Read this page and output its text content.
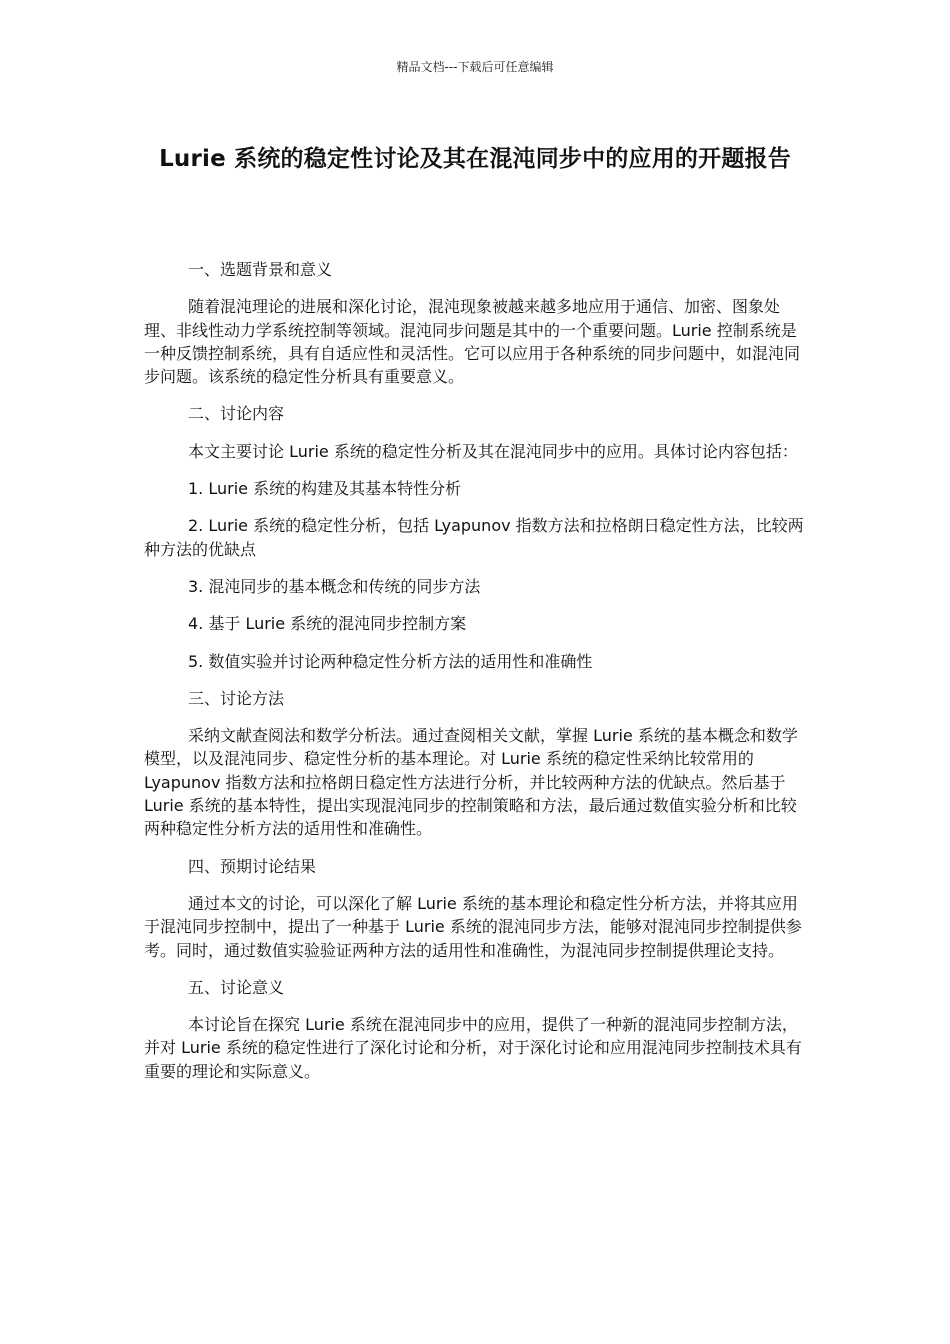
精品文档---下载后可任意编辑
Lurie 系统的稳定性讨论及其在混沌同步中的应用的开题报告

一、选题背景和意义

随着混沌理论的进展和深化讨论，混沌现象被越来越多地应用于通信、加密、图象处理、非线性动力学系统控制等领域。混沌同步问题是其中的一个重要问题。Lurie 控制系统是一种反馈控制系统，具有自适应性和灵活性。它可以应用于各种系统的同步问题中，如混沌同步问题。该系统的稳定性分析具有重要意义。

二、讨论内容

本文主要讨论 Lurie 系统的稳定性分析及其在混沌同步中的应用。具体讨论内容包括：

1. Lurie 系统的构建及其基本特性分析

2. Lurie 系统的稳定性分析，包括 Lyapunov 指数方法和拉格朗日稳定性方法，比较两种方法的优缺点

3. 混沌同步的基本概念和传统的同步方法

4. 基于 Lurie 系统的混沌同步控制方案

5. 数值实验并讨论两种稳定性分析方法的适用性和准确性

三、讨论方法

采纳文献查阅法和数学分析法。通过查阅相关文献，掌握 Lurie 系统的基本概念和数学模型，以及混沌同步、稳定性分析的基本理论。对 Lurie 系统的稳定性采纳比较常用的 Lyapunov 指数方法和拉格朗日稳定性方法进行分析，并比较两种方法的优缺点。然后基于 Lurie 系统的基本特性，提出实现混沌同步的控制策略和方法，最后通过数值实验分析和比较两种稳定性分析方法的适用性和准确性。

四、预期讨论结果

通过本文的讨论，可以深化了解 Lurie 系统的基本理论和稳定性分析方法，并将其应用于混沌同步控制中，提出了一种基于 Lurie 系统的混沌同步方法，能够对混沌同步控制提供参考。同时，通过数值实验验证两种方法的适用性和准确性，为混沌同步控制提供理论支持。

五、讨论意义

本讨论旨在探究 Lurie 系统在混沌同步中的应用，提供了一种新的混沌同步控制方法，并对 Lurie 系统的稳定性进行了深化讨论和分析，对于深化讨论和应用混沌同步控制技术具有重要的理论和实际意义。
